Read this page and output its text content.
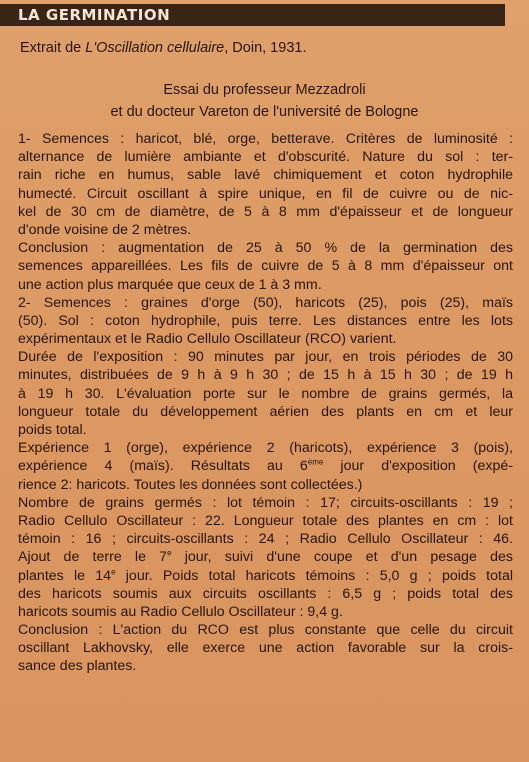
LA GERMINATION
Extrait de L'Oscillation cellulaire, Doin, 1931.
Essai du professeur Mezzadroli
et du docteur Vareton de l'université de Bologne
1- Semences : haricot, blé, orge, betterave. Critères de luminosité :
alternance de lumière ambiante et d'obscurité. Nature du sol : ter-
rain riche en humus, sable lavé chimiquement et coton hydrophile
humecté. Circuit oscillant à spire unique, en fil de cuivre ou de nic-
kel de 30 cm de diamètre, de 5 à 8 mm d'épaisseur et de longueur
d'onde voisine de 2 mètres.
Conclusion : augmentation de 25 à 50 % de la germination des
semences appareillées. Les fils de cuivre de 5 à 8 mm d'épaisseur ont
une action plus marquée que ceux de 1 à 3 mm.
2- Semences : graines d'orge (50), haricots (25), pois (25), maïs
(50). Sol : coton hydrophile, puis terre. Les distances entre les lots
expérimentaux et le Radio Cellulo Oscillateur (RCO) varient.
Durée de l'exposition : 90 minutes par jour, en trois périodes de 30
minutes, distribuées de 9 h à 9 h 30 ; de 15 h à 15 h 30 ; de 19 h
à 19 h 30. L'évaluation porte sur le nombre de grains germés, la
longueur totale du développement aérien des plants en cm et leur
poids total.
Expérience 1 (orge), expérience 2 (haricots), expérience 3 (pois),
expérience 4 (maïs). Résultats au 6ème jour d'exposition (expé-
rience 2: haricots. Toutes les données sont collectées.)
Nombre de grains germés : lot témoin : 17; circuits-oscillants : 19 ;
Radio Cellulo Oscillateur : 22. Longueur totale des plantes en cm : lot
témoin : 16 ; circuits-oscillants : 24 ; Radio Cellulo Oscillateur : 46.
Ajout de terre le 7e jour, suivi d'une coupe et d'un pesage des
plantes le 14e jour. Poids total haricots témoins : 5,0 g ; poids total
des haricots soumis aux circuits oscillants : 6,5 g ; poids total des
haricots soumis au Radio Cellulo Oscillateur : 9,4 g.
Conclusion : L'action du RCO est plus constante que celle du circuit
oscillant Lakhovsky, elle exerce une action favorable sur la crois-
sance des plantes.
